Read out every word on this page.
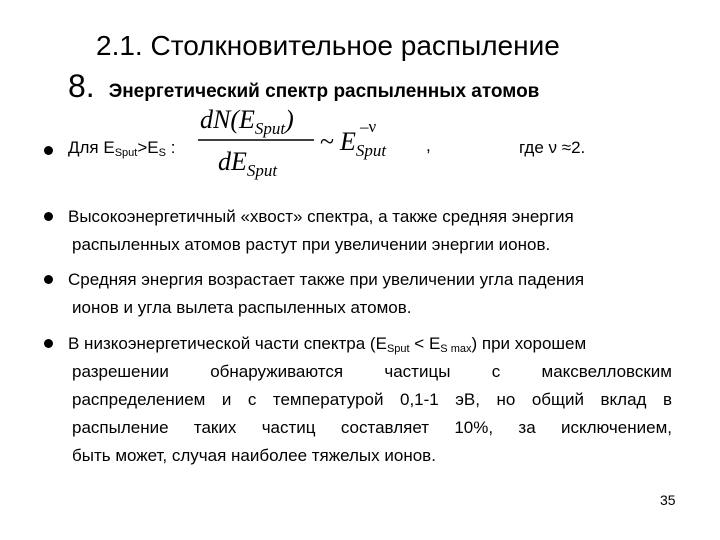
2.1. Столкновительное распыление
8. Энергетический спектр распыленных атомов
Для $E_{Sput}>E_S$ :
$dN(E_{Sput})$
$dE_{Sput}$
~ $E_{Sput}$
–ν
,	где ν ≈2.
Высокоэнергетичный «хвост» спектра, а также средняя энергия
распыленных атомов растут при увеличении энергии ионов.
Средняя энергия возрастает также при увеличении угла падения
ионов и угла вылета распыленных атомов.
В низкоэнергетической части спектра $(E_{Sput} < E_{S max})$ при хорошем
разрешении обнаруживаются частицы с максвелловским
распределением и с температурой 0,1-1 эВ, но общий вклад в
распыление таких частиц составляет 10%, за исключением,
быть может, случая наиболее тяжелых ионов.
35
